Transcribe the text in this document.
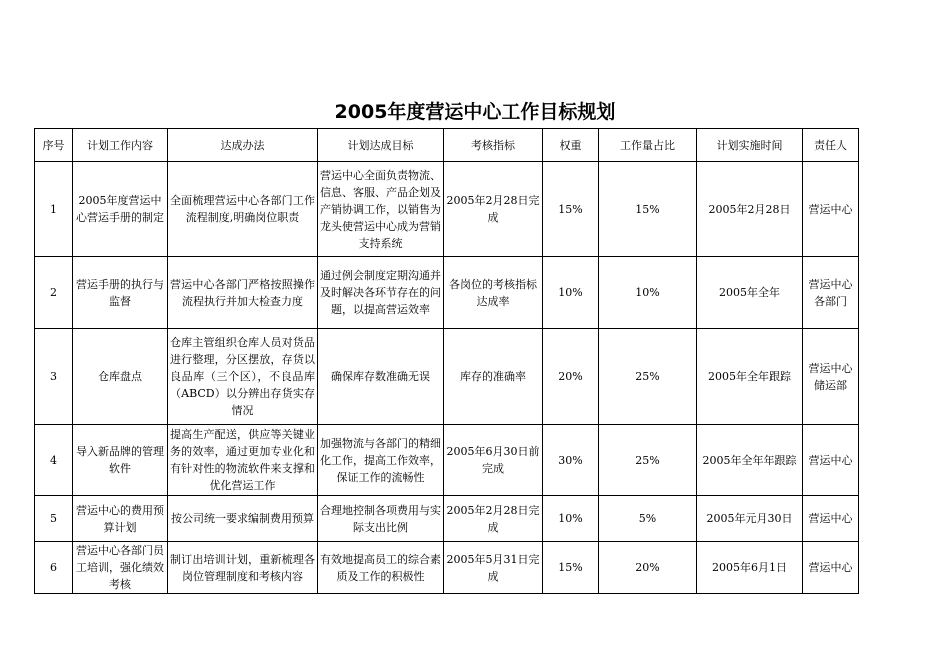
2005年度营运中心工作目标规划
序号	计划工作内容	达成办法	计划达成目标	考核指标	权重	工作量占比	计划实施时间	责任人
1	2005年度营运中心营运手册的制定	全面梳理营运中心各部门工作流程制度,明确岗位职责	营运中心全面负责物流、信息、客服、产品企划及产销协调工作，以销售为龙头使营运中心成为营销支持系统	2005年2月28日完成	15%	15%	2005年2月28日	营运中心
2	营运手册的执行与监督	营运中心各部门严格按照操作流程执行并加大检查力度	通过例会制度定期沟通并及时解决各环节存在的问题，以提高营运效率	各岗位的考核指标达成率	10%	10%	2005年全年	营运中心各部门
3	仓库盘点	仓库主管组织仓库人员对货品进行整理，分区摆放，存货以良品库（三个区），不良品库（ABCD）以分辨出存货实存情况	确保库存数准确无误	库存的准确率	20%	25%	2005年全年跟踪	营运中心储运部
4	导入新品牌的管理软件	提高生产配送，供应等关键业务的效率，通过更加专业化和有针对性的物流软件来支撑和优化营运工作	加强物流与各部门的精细化工作，提高工作效率，保证工作的流畅性	2005年6月30日前完成	30%	25%	2005年全年年跟踪	营运中心
5	营运中心的费用预算计划	按公司统一要求编制费用预算	合理地控制各项费用与实际支出比例	2005年2月28日完成	10%	5%	2005年元月30日	营运中心
6	营运中心各部门员工培训，强化绩效考核	制订出培训计划，重新梳理各岗位管理制度和考核内容	有效地提高员工的综合素质及工作的积极性	2005年5月31日完成	15%	20%	2005年6月1日	营运中心
